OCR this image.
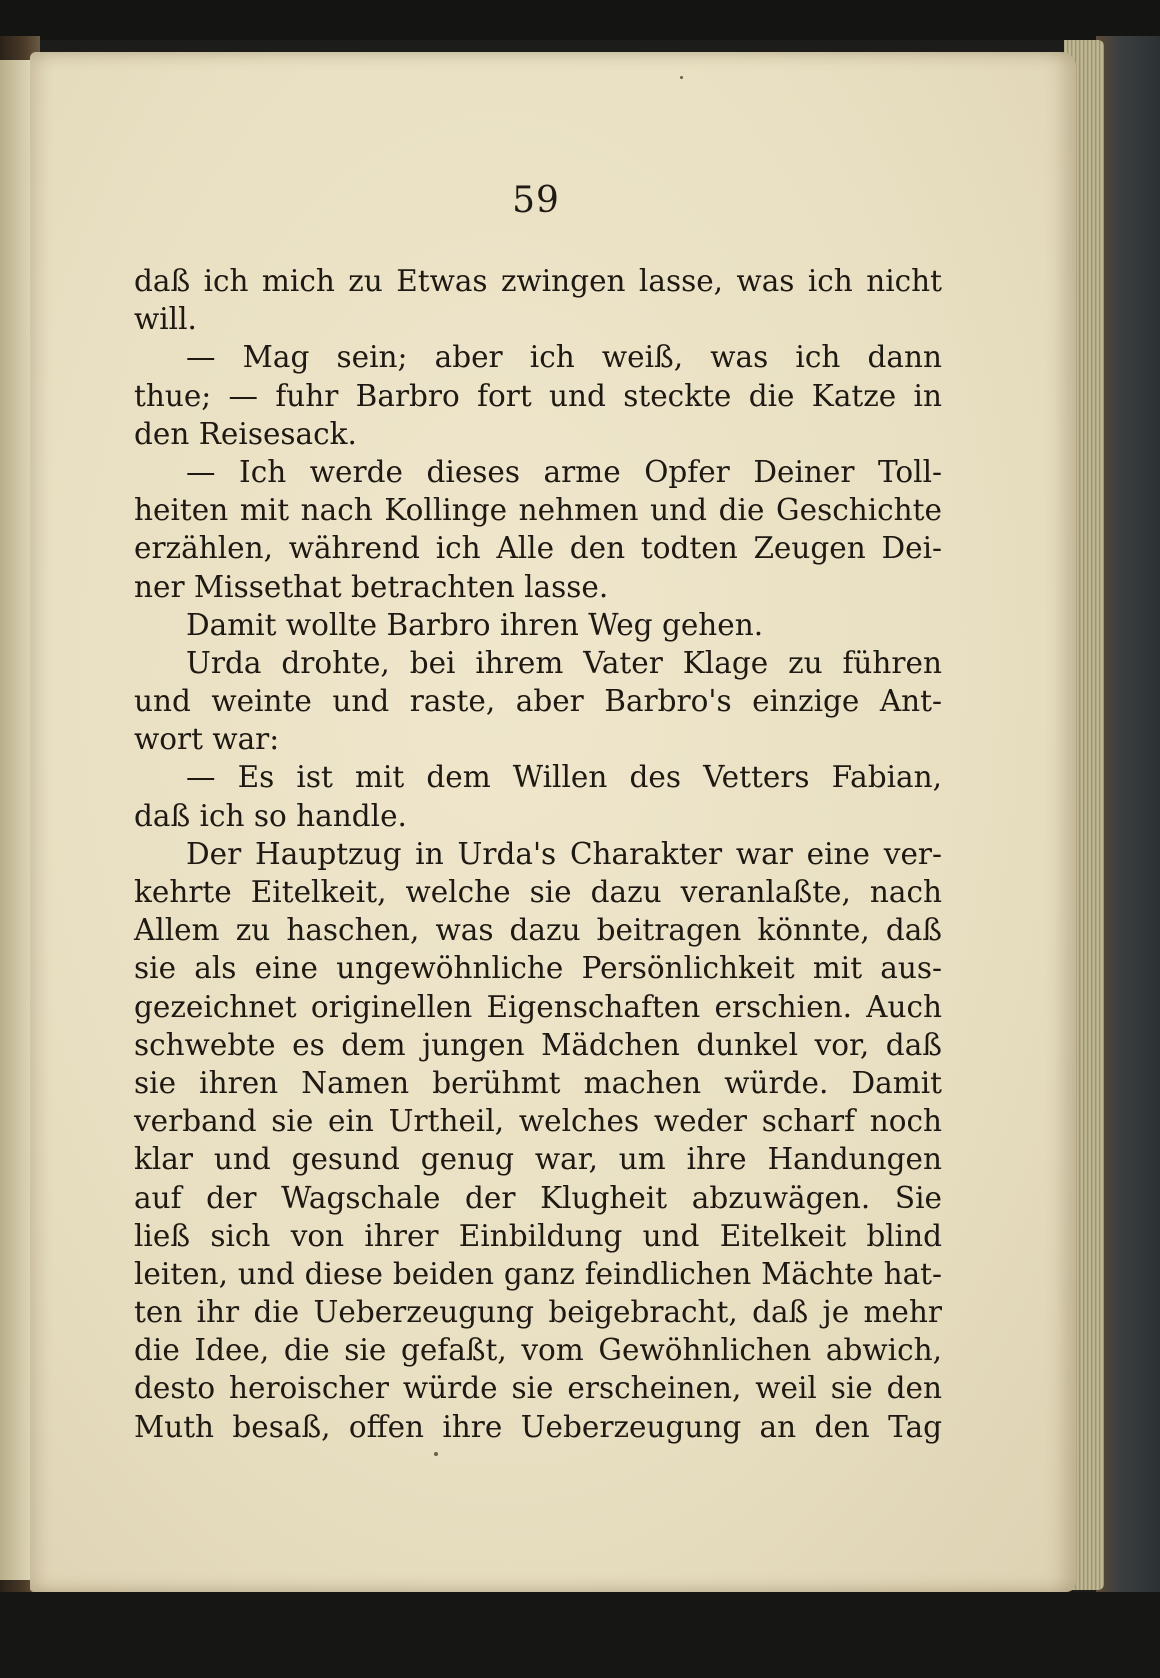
59
daß ich mich zu Etwas zwingen lasse, was ich nicht
will.
— Mag sein; aber ich weiß, was ich dann
thue; — fuhr Barbro fort und steckte die Katze in
den Reisesack.
— Ich werde dieses arme Opfer Deiner Toll-
heiten mit nach Kollinge nehmen und die Geschichte
erzählen, während ich Alle den todten Zeugen Dei-
ner Missethat betrachten lasse.
Damit wollte Barbro ihren Weg gehen.
Urda drohte, bei ihrem Vater Klage zu führen
und weinte und raste, aber Barbro's einzige Ant-
wort war:
— Es ist mit dem Willen des Vetters Fabian,
daß ich so handle.
Der Hauptzug in Urda's Charakter war eine ver-
kehrte Eitelkeit, welche sie dazu veranlaßte, nach
Allem zu haschen, was dazu beitragen könnte, daß
sie als eine ungewöhnliche Persönlichkeit mit aus-
gezeichnet originellen Eigenschaften erschien. Auch
schwebte es dem jungen Mädchen dunkel vor, daß
sie ihren Namen berühmt machen würde. Damit
verband sie ein Urtheil, welches weder scharf noch
klar und gesund genug war, um ihre Handungen
auf der Wagschale der Klugheit abzuwägen. Sie
ließ sich von ihrer Einbildung und Eitelkeit blind
leiten, und diese beiden ganz feindlichen Mächte hat-
ten ihr die Ueberzeugung beigebracht, daß je mehr
die Idee, die sie gefaßt, vom Gewöhnlichen abwich,
desto heroischer würde sie erscheinen, weil sie den
Muth besaß, offen ihre Ueberzeugung an den Tag
